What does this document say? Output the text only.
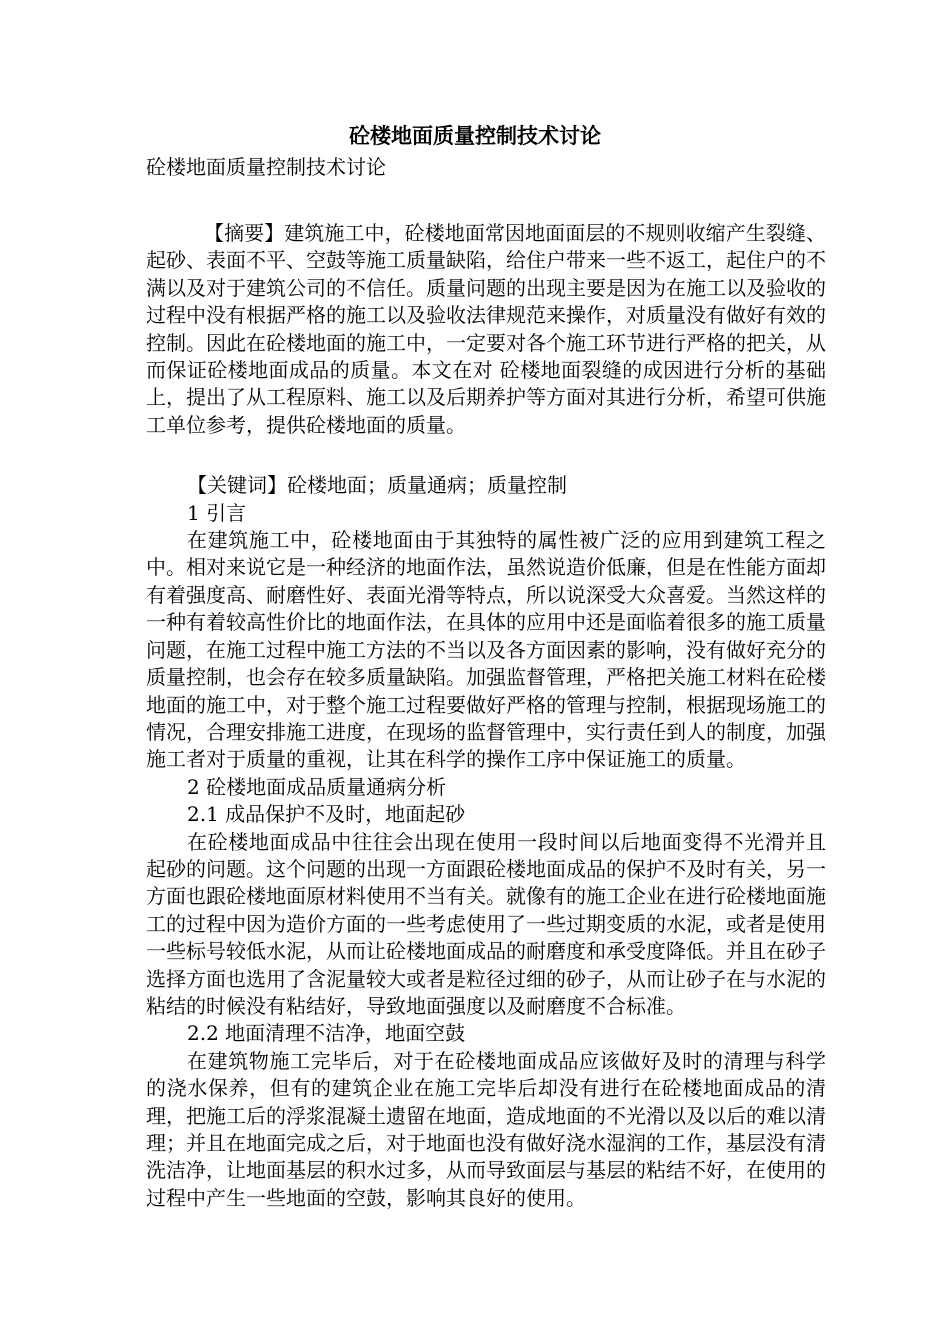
砼楼地面质量控制技术讨论
砼楼地面质量控制技术讨论

【摘要】建筑施工中，砼楼地面常因地面面层的不规则收缩产生裂缝、起砂、表面不平、空鼓等施工质量缺陷，给住户带来一些不返工，起住户的不满以及对于建筑公司的不信任。质量问题的出现主要是因为在施工以及验收的过程中没有根据严格的施工以及验收法律规范来操作，对质量没有做好有效的控制。因此在砼楼地面的施工中，一定要对各个施工环节进行严格的把关，从而保证砼楼地面成品的质量。本文在对 砼楼地面裂缝的成因进行分析的基础上，提出了从工程原料、施工以及后期养护等方面对其进行分析，希望可供施工单位参考，提供砼楼地面的质量。

【关键词】砼楼地面；质量通病；质量控制

1 引言

在建筑施工中，砼楼地面由于其独特的属性被广泛的应用到建筑工程之中。相对来说它是一种经济的地面作法，虽然说造价低廉，但是在性能方面却有着强度高、耐磨性好、表面光滑等特点，所以说深受大众喜爱。当然这样的一种有着较高性价比的地面作法，在具体的应用中还是面临着很多的施工质量问题，在施工过程中施工方法的不当以及各方面因素的影响，没有做好充分的质量控制，也会存在较多质量缺陷。加强监督管理，严格把关施工材料在砼楼地面的施工中，对于整个施工过程要做好严格的管理与控制，根据现场施工的情况，合理安排施工进度，在现场的监督管理中，实行责任到人的制度，加强施工者对于质量的重视，让其在科学的操作工序中保证施工的质量。

2 砼楼地面成品质量通病分析

2.1 成品保护不及时，地面起砂

在砼楼地面成品中往往会出现在使用一段时间以后地面变得不光滑并且起砂的问题。这个问题的出现一方面跟砼楼地面成品的保护不及时有关，另一方面也跟砼楼地面原材料使用不当有关。就像有的施工企业在进行砼楼地面施工的过程中因为造价方面的一些考虑使用了一些过期变质的水泥，或者是使用一些标号较低水泥，从而让砼楼地面成品的耐磨度和承受度降低。并且在砂子选择方面也选用了含泥量较大或者是粒径过细的砂子，从而让砂子在与水泥的粘结的时候没有粘结好，导致地面强度以及耐磨度不合标准。

2.2 地面清理不洁净，地面空鼓

在建筑物施工完毕后，对于在砼楼地面成品应该做好及时的清理与科学的浇水保养，但有的建筑企业在施工完毕后却没有进行在砼楼地面成品的清理，把施工后的浮浆混凝土遗留在地面，造成地面的不光滑以及以后的难以清理；并且在地面完成之后，对于地面也没有做好浇水湿润的工作，基层没有清洗洁净，让地面基层的积水过多，从而导致面层与基层的粘结不好，在使用的过程中产生一些地面的空鼓，影响其良好的使用。
